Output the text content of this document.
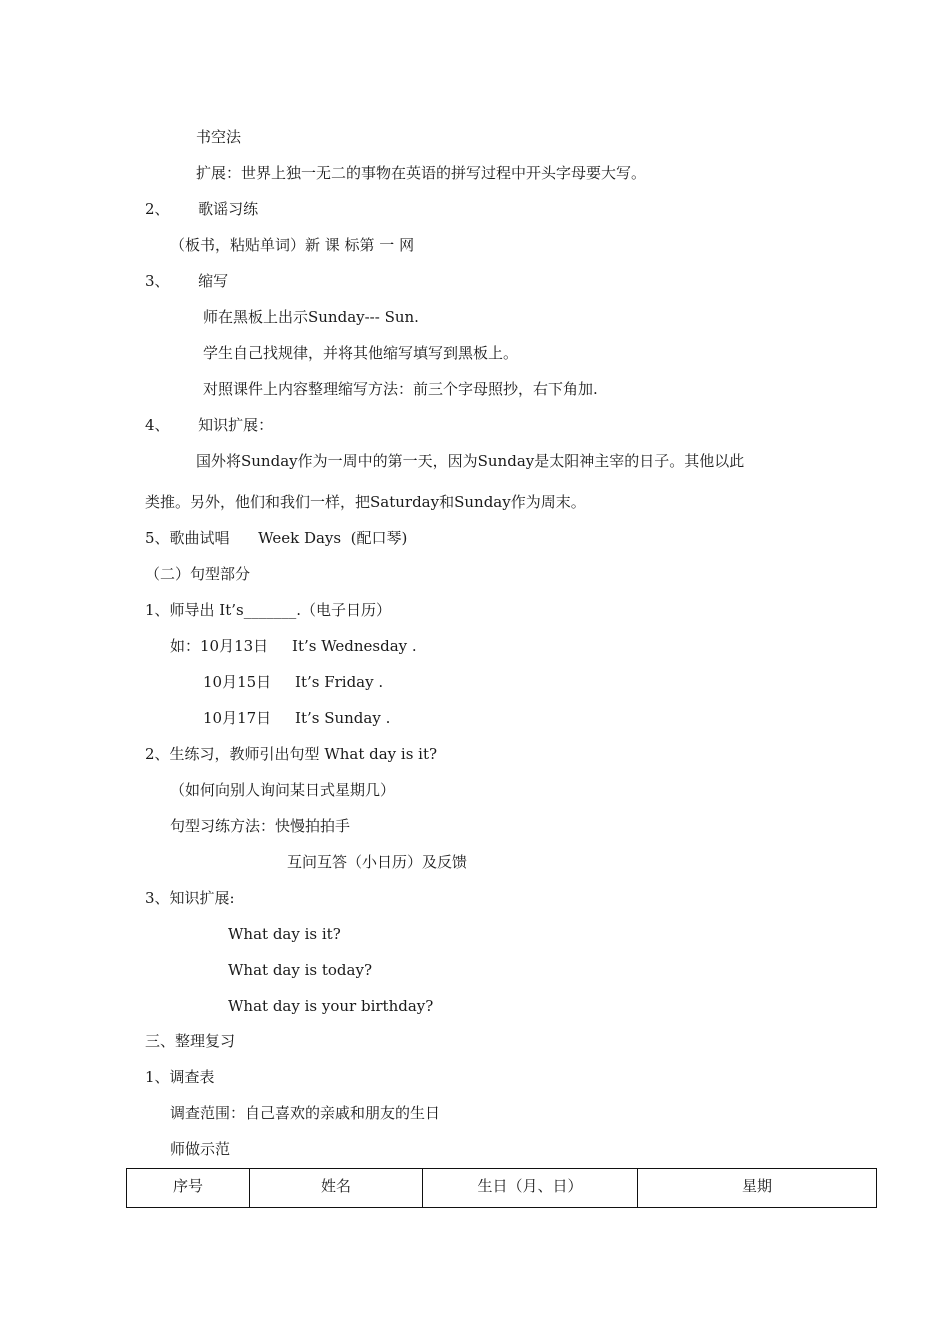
书空法
扩展：世界上独一无二的事物在英语的拼写过程中开头字母要大写。
2、      歌谣习练
（板书，粘贴单词）新 课 标第 一 网
3、      缩写
师在黑板上出示Sunday--- Sun.
学生自己找规律，并将其他缩写填写到黑板上。
对照课件上内容整理缩写方法：前三个字母照抄，右下角加.
4、      知识扩展：
国外将Sunday作为一周中的第一天，因为Sunday是太阳神主宰的日子。其他以此
类推。另外，他们和我们一样，把Saturday和Sunday作为周末。
5、歌曲试唱      Week Days  (配口琴)
（二）句型部分
1、师导出 It’s_______.（电子日历）
如：10月13日     It’s Wednesday .
10月15日     It’s Friday .
10月17日     It’s Sunday .
2、生练习，教师引出句型 What day is it?
（如何向别人询问某日式星期几）
句型习练方法：快慢拍拍手
互问互答（小日历）及反馈
3、知识扩展:
What day is it?
What day is today?
What day is your birthday?
三、整理复习
1、调查表
调查范围：自己喜欢的亲戚和朋友的生日
师做示范
序号	姓名	生日（月、日）	星期
